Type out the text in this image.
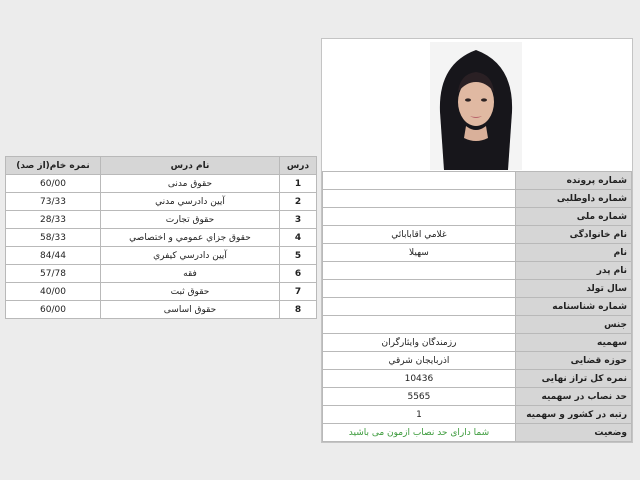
نمره خام(از صد)	نام درس	درس
60/00	حقوق مدنی	1
73/33	آيين دادرسي مدني	2
28/33	حقوق تجارت	3
58/33	حقوق جزاي عمومي و اختصاصي	4
84/44	آيين دادرسي كيفري	5
57/78	فقه	6
40/00	حقوق ثبت	7
60/00	حقوق اساسی	8
	شماره پرونده
	شماره داوطلبی
	شماره ملی
غلامي اقابابائي	نام خانوادگی
سهيلا	نام
	نام پدر
	سال تولد
	شماره شناسنامه
	جنس
رزمندگان وايثارگران	سهمیه
اذربايجان شرقي	حوزه قضایی
10436	نمره کل تراز نهایی
5565	حد نصاب در سهمیه
1	رتبه در کشور و سهمیه
شما دارای حد نصاب ازمون می باشید	وضعیت
